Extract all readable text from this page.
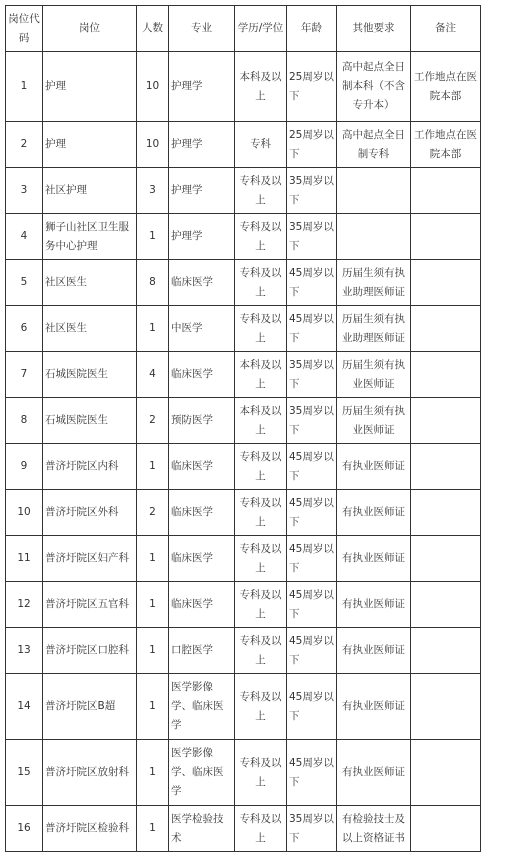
岗位代码	岗位	人数	专业	学历/学位	年龄	其他要求	备注
1	护理	10	护理学	本科及以上	25周岁以下	高中起点全日制本科（不含专升本）	工作地点在医院本部
2	护理	10	护理学	专科	25周岁以下	高中起点全日制专科	工作地点在医院本部
3	社区护理	3	护理学	专科及以上	35周岁以下		
4	狮子山社区卫生服务中心护理	1	护理学	专科及以上	35周岁以下		
5	社区医生	8	临床医学	专科及以上	45周岁以下	历届生须有执业助理医师证	
6	社区医生	1	中医学	专科及以上	45周岁以下	历届生须有执业助理医师证	
7	石城医院医生	4	临床医学	本科及以上	35周岁以下	历届生须有执业医师证	
8	石城医院医生	2	预防医学	本科及以上	35周岁以下	历届生须有执业医师证	
9	普济圩院区内科	1	临床医学	专科及以上	45周岁以下	有执业医师证	
10	普济圩院区外科	2	临床医学	专科及以上	45周岁以下	有执业医师证	
11	普济圩院区妇产科	1	临床医学	专科及以上	45周岁以下	有执业医师证	
12	普济圩院区五官科	1	临床医学	专科及以上	45周岁以下	有执业医师证	
13	普济圩院区口腔科	1	口腔医学	专科及以上	45周岁以下	有执业医师证	
14	普济圩院区B超	1	医学影像学、临床医学	专科及以上	45周岁以下	有执业医师证	
15	普济圩院区放射科	1	医学影像学、临床医学	专科及以上	45周岁以下	有执业医师证	
16	普济圩院区检验科	1	医学检验技术	专科及以上	35周岁以下	有检验技士及以上资格证书	
